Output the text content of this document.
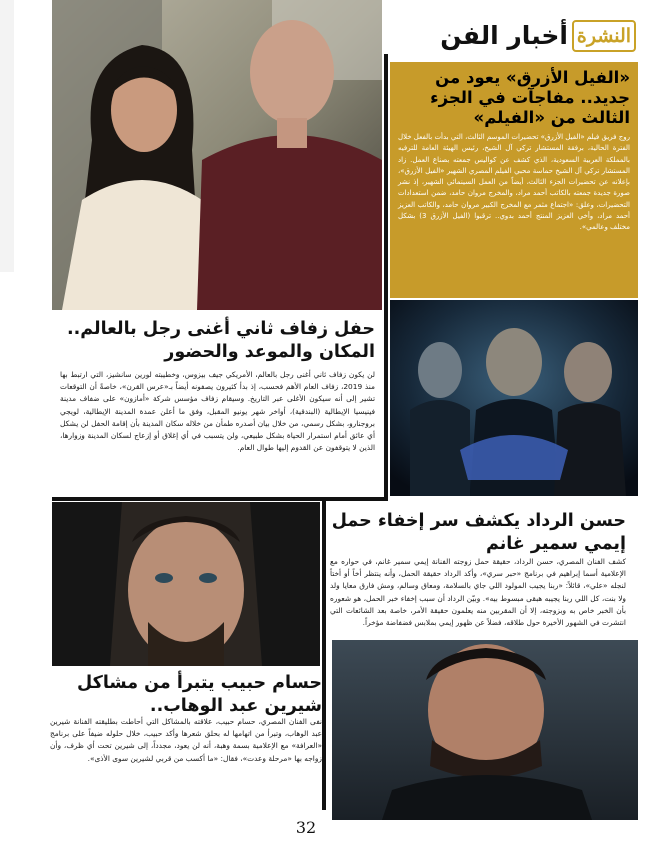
النشرة
أخبار الفن
«الفيل الأزرق» يعود من جديد.. مفاجآت في الجزء الثالث من «الفيلم»
روج فريق فيلم «الفيل الأزرق» تحضيرات الموسم الثالث، التي بدأت بالفعل خلال الفترة الحالية، برفقة المستشار تركي آل الشيخ، رئيس الهيئة العامة للترفيه بالمملكة العربية السعودية، الذي كشف عن كواليس جمعته بصناع العمل. زاد المستشار تركي آل الشيخ حماسة محبي الفيلم المصري الشهير «الفيل الأزرق»، بإعلانه عن تحضيرات الجزء الثالث، أيضاً من العمل السينمائي الشهير، إذ نشر صورة جديدة جمعته بالكاتب أحمد مراد، والمخرج مروان حامد، ضمن استعدادات التحضيرات، وعلق: «اجتماع مثمر مع المخرج الكبير مروان حامد، والكاتب العزيز أحمد مراد، وأخي العزيز المنتج أحمد بدوي.. ترقبوا (الفيل الأزرق 3) بشكل مختلف وعالمي».
حفل زفاف ثاني أغنى رجل بالعالم.. المكان والموعد والحضور
لن يكون زفاف ثاني أغنى رجل بالعالم، الأمريكي جيف بيزوس، وخطيبته لورين سانشيز، التي ارتبط بها منذ 2019، زفاف العام الأهم فحسب، إذ بدأ كثيرون يصفونه أيضاً بـ«عرس القرن»، خاصةً أن التوقعات تشير إلى أنه سيكون الأغلى عبر التاريخ. وسيقام زفاف مؤسس شركة «أمازون» على ضفاف مدينة فينيسيا الإيطالية (البندقية)، أواخر شهر يونيو المقبل، وفق ما أعلن عمدة المدينة الإيطالية، لويجي بروجنارو، بشكل رسمي، من خلال بيان أصدره طمأن من خلاله سكان المدينة بأن إقامة الحفل لن يشكل أي عائق أمام استمرار الحياة بشكل طبيعي، ولن يتسبب في أي إغلاق أو إزعاج لسكان المدينة وزوارها، الذين لا يتوقفون عن القدوم إليها طوال العام.
حسن الرداد يكشف سر إخفاء حمل إيمي سمير غانم
كشف الفنان المصري، حسن الرداد، حقيقة حمل زوجته الفنانة إيمي سمير غانم، في حواره مع الإعلامية أسما إبراهيم في برنامج «حبر سري»، وأكد الرداد حقيقة الحمل، وأنه ينتظر أخاً أو أختاً لنجله «علي»، قائلاً: «ربنا يجيب المولود اللي جاي بالسلامة، ومعاق وسالم، ومش فارق معايا ولد ولا بنت، كل اللي ربنا يجيبه هبقى مبسوط بيه». وبيّن الرداد أن سبب إخفاء خبر الحمل، هو شعوره بأن الخبر خاص به وبزوجته، إلا أن المقربين منه يعلمون حقيقة الأمر، خاصة بعد الشائعات التي انتشرت في الشهور الأخيرة حول طلاقه، فضلاً عن ظهور إيمي بملابس فضفاضة مؤخراً.
حسام حبيب يتبرأ من مشاكل شيرين عبد الوهاب..
نفى الفنان المصري، حسام حبيب، علاقته بالمشاكل التي أحاطت بطليقته الفنانة شيرين عبد الوهاب، وتبرأ من اتهامها له بحلق شعرها وأكد حبيب، خلال حلوله ضيفاً على برنامج «العرافة» مع الإعلامية بسمة وهبة، أنه لن يعود، مجدداً، إلى شيرين تحت أي ظرف، وأن زواجه بها «مرحلة وعدت»، فقال: «ما أكسب من قربي لشيرين سوى الأذى».
32
